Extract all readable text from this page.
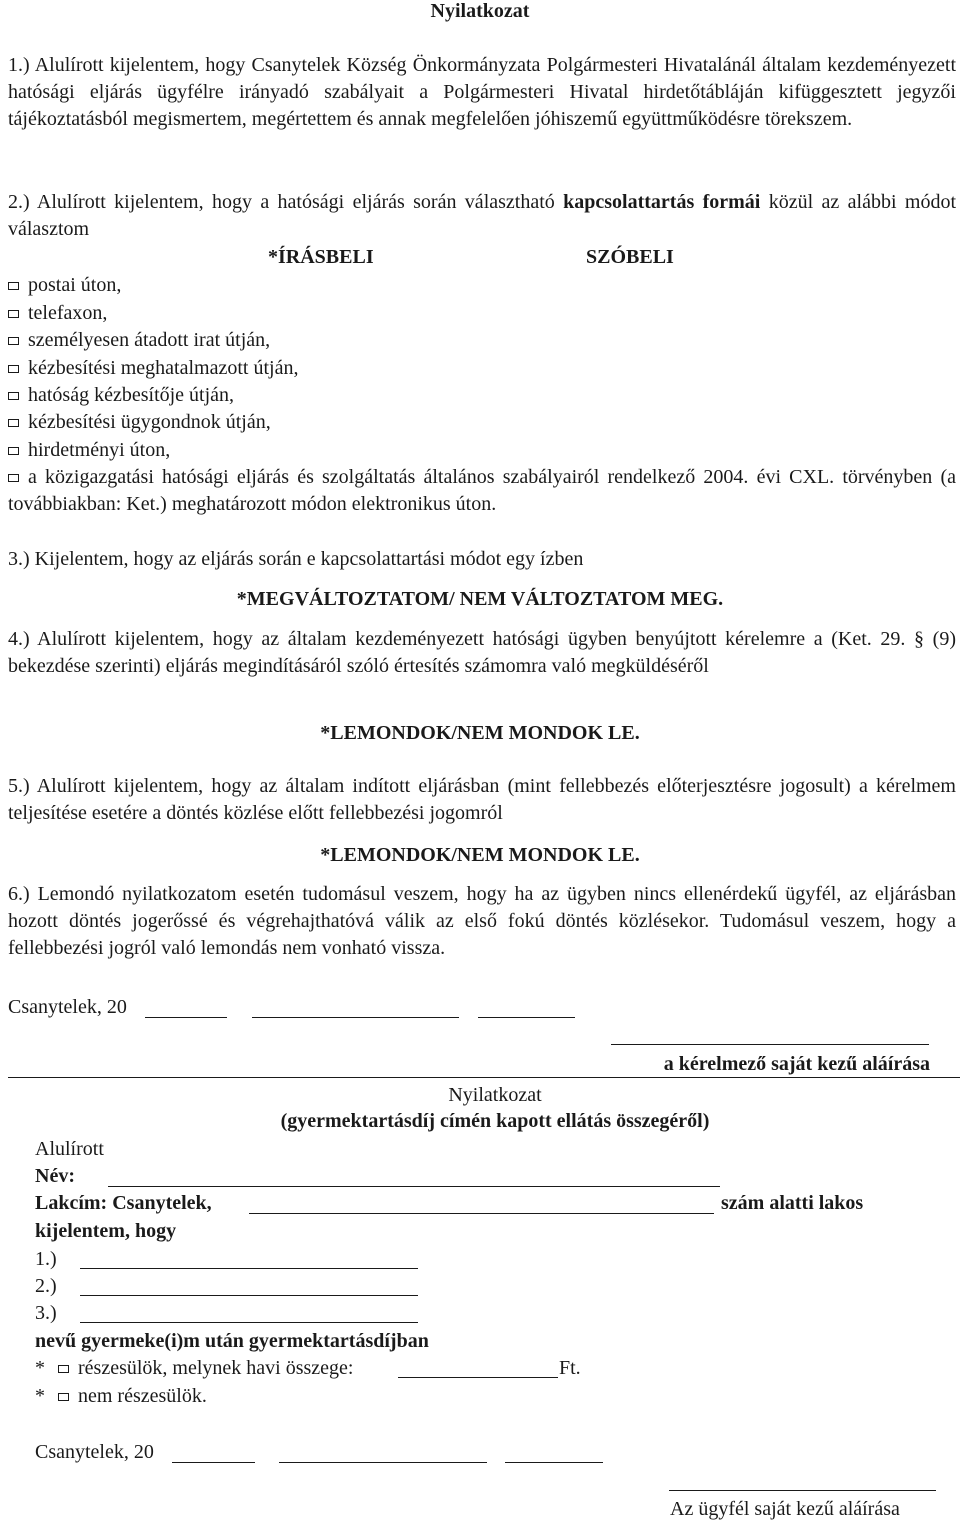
Nyilatkozat
1.) Alulírott kijelentem, hogy Csanytelek Község Önkormányzata Polgármesteri Hivatalánál általam kezdeményezett hatósági eljárás ügyfélre irányadó szabályait a Polgármesteri Hivatal hirdetőtábláján kifüggesztett jegyzői tájékoztatásból megismertem, megértettem és annak megfelelően jóhiszemű együttműködésre törekszem.
2.) Alulírott kijelentem, hogy a hatósági eljárás során választható kapcsolattartás formái közül az alábbi módot választom
*ÍRÁSBELI	SZÓBELI
postai úton,
telefaxon,
személyesen átadott irat útján,
kézbesítési meghatalmazott útján,
hatóság kézbesítője útján,
kézbesítési ügygondnok útján,
hirdetményi úton,
a közigazgatási hatósági eljárás és szolgáltatás általános szabályairól rendelkező 2004. évi CXL. törvényben (a továbbiakban: Ket.) meghatározott módon elektronikus úton.
3.) Kijelentem, hogy az eljárás során e kapcsolattartási módot egy ízben
*MEGVÁLTOZTATOM/ NEM VÁLTOZTATOM MEG.
4.) Alulírott kijelentem, hogy az általam kezdeményezett hatósági ügyben benyújtott kérelemre a (Ket. 29. § (9) bekezdése szerinti) eljárás megindításáról szóló értesítés számomra való megküldéséről
*LEMONDOK/NEM MONDOK LE.
5.) Alulírott kijelentem, hogy az általam indított eljárásban (mint fellebbezés előterjesztésre jogosult) a kérelmem teljesítése esetére a döntés közlése előtt fellebbezési jogomról
*LEMONDOK/NEM MONDOK LE.
6.) Lemondó nyilatkozatom esetén tudomásul veszem, hogy ha az ügyben nincs ellenérdekű ügyfél, az eljárásban hozott döntés jogerőssé és végrehajthatóvá válik az első fokú döntés közlésekor. Tudomásul veszem, hogy a fellebbezési jogról való lemondás nem vonható vissza.
Csanytelek, 20
a kérelmező saját kezű aláírása
Nyilatkozat
(gyermektartásdíj címén kapott ellátás összegéről)
Alulírott
Név:
Lakcím: Csanytelek,	szám alatti lakos
kijelentem, hogy
1.)
2.)
3.)
nevű gyermeke(i)m után gyermektartásdíjban
* részesülök, melynek havi összege:	Ft.
* nem részesülök.
Csanytelek, 20
Az ügyfél saját kezű aláírása
